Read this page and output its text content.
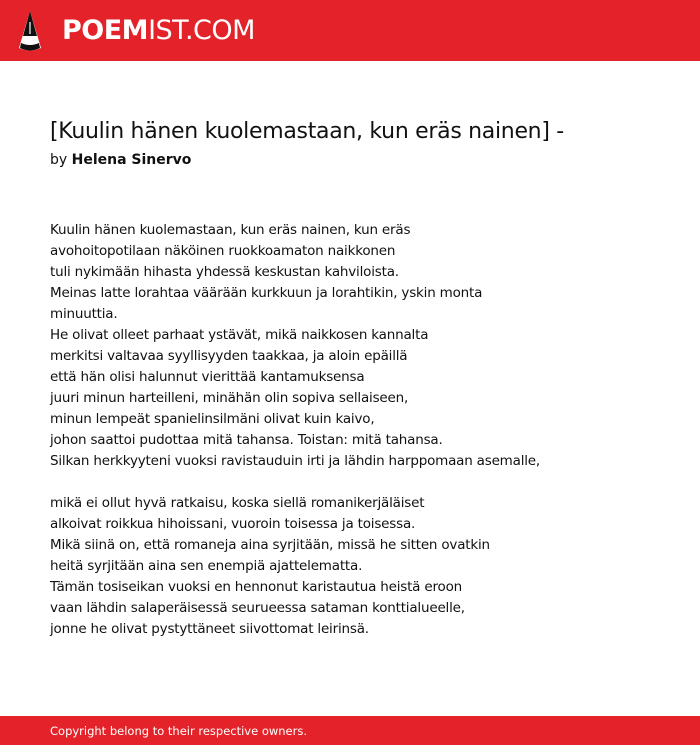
POEMIST.COM
[Kuulin hänen kuolemastaan, kun eräs nainen] -
by Helena Sinervo
Kuulin hänen kuolemastaan, kun eräs nainen, kun eräs
avohoitopotilaan näköinen ruokkoamaton naikkonen
tuli nykimään hihasta yhdessä keskustan kahviloista.
Meinas latte lorahtaa väärään kurkkuun ja lorahtikin, yskin monta
minuuttia.
He olivat olleet parhaat ystävät, mikä naikkosen kannalta
merkitsi valtavaa syyllisyyden taakkaa, ja aloin epäillä
että hän olisi halunnut vierittää kantamuksensa
juuri minun harteilleni, minähän olin sopiva sellaiseen,
minun lempeät spanielinsilmäni olivat kuin kaivo,
johon saattoi pudottaa mitä tahansa. Toistan: mitä tahansa.
Silkan herkkyyteni vuoksi ravistauduin irti ja lähdin harppomaan asemalle,
mikä ei ollut hyvä ratkaisu, koska siellä romanikerjäläiset
alkoivat roikkua hihoissani, vuoroin toisessa ja toisessa.
Mikä siinä on, että romaneja aina syrjitään, missä he sitten ovatkin
heitä syrjitään aina sen enempiä ajattelematta.
Tämän tosiseikan vuoksi en hennonut karistautua heistä eroon
vaan lähdin salaperäisessä seurueessa sataman konttialueelle,
jonne he olivat pystyttäneet siivottomat leirinsä.
Copyright belong to their respective owners.
